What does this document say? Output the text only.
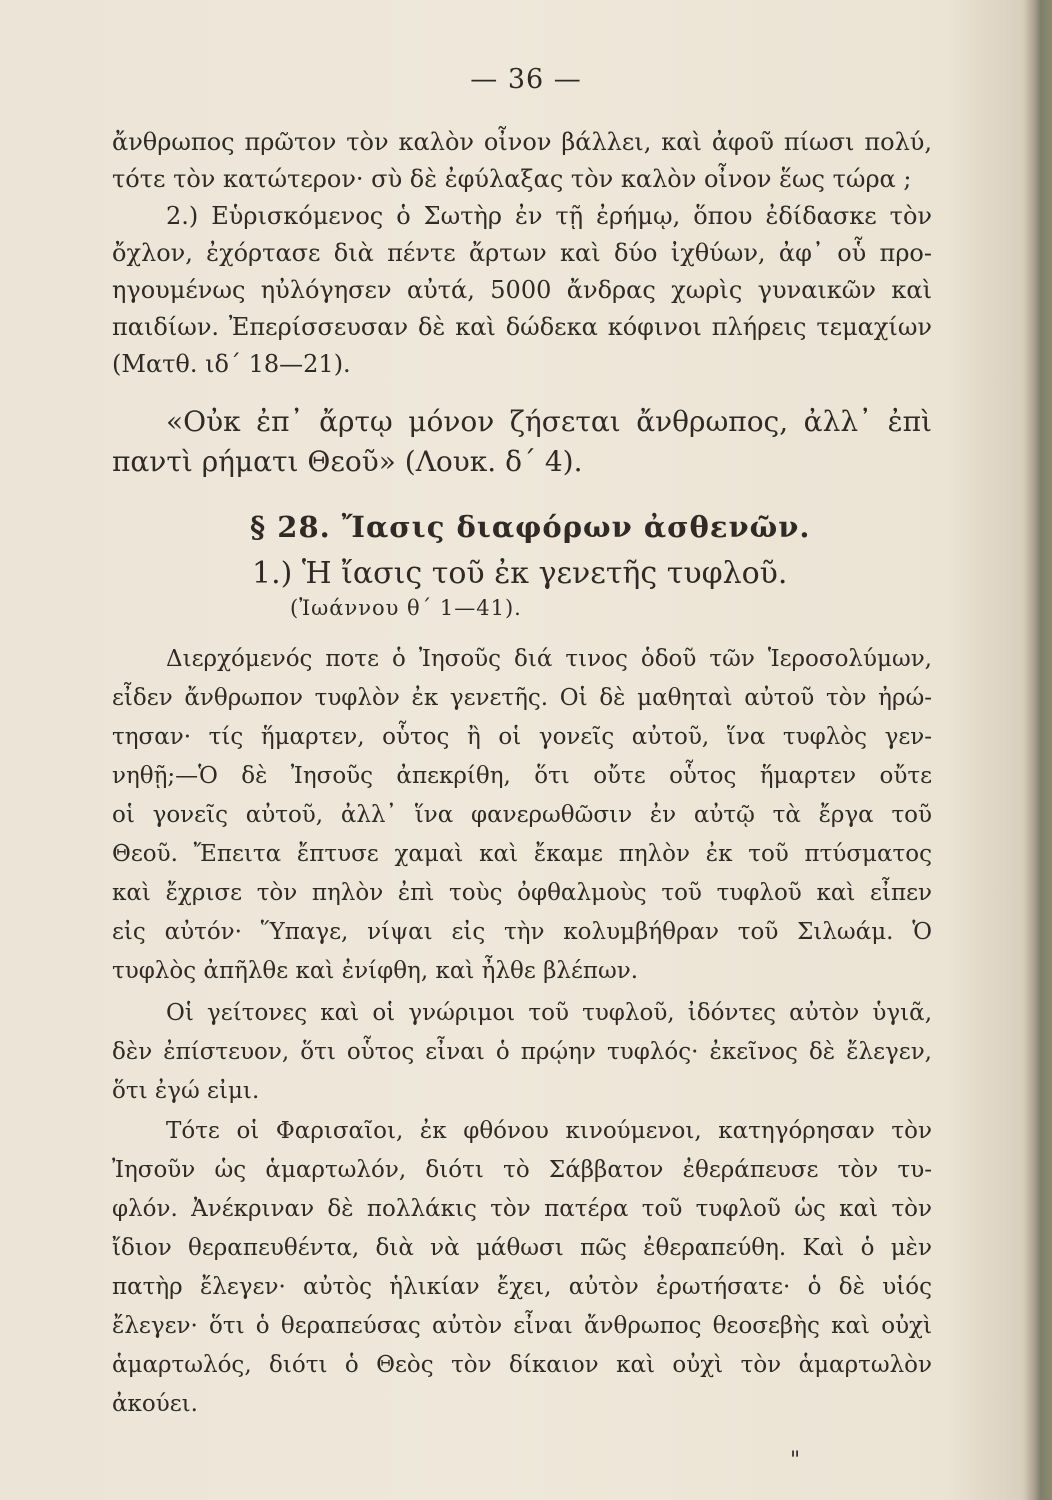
— 36 —
ἄνθρωπος πρῶτον τὸν καλὸν οἶνον βάλλει, καὶ ἀφοῦ πίωσι πολύ,
τότε τὸν κατώτερον· σὺ δὲ ἐφύλαξας τὸν καλὸν οἶνον ἕως τώρα ;
2.) Εὑρισκόμενος ὁ Σωτὴρ ἐν τῇ ἐρήμῳ, ὅπου ἐδίδασκε τὸν
ὄχλον, ἐχόρτασε διὰ πέντε ἄρτων καὶ δύο ἰχθύων, ἀφ᾽ οὗ προ-
ηγουμένως ηὐλόγησεν αὐτά, 5000 ἄνδρας χωρὶς γυναικῶν καὶ
παιδίων. Ἐπερίσσευσαν δὲ καὶ δώδεκα κόφινοι πλήρεις τεμαχίων
(Ματθ. ιδ΄ 18—21).
«Οὐκ ἐπ᾽ ἄρτῳ μόνον ζήσεται ἄνθρωπος, ἀλλ᾽ ἐπὶ
παντὶ ρήματι Θεοῦ» (Λουκ. δ΄ 4).
§ 28. Ἴασις διαφόρων ἀσθενῶν.
1.) Ἡ ἴασις τοῦ ἐκ γενετῆς τυφλοῦ.
(Ἰωάννου θ΄ 1—41).
Διερχόμενός ποτε ὁ Ἰησοῦς διά τινος ὁδοῦ τῶν Ἱεροσολύμων,
εἶδεν ἄνθρωπον τυφλὸν ἐκ γενετῆς. Οἱ δὲ μαθηταὶ αὐτοῦ τὸν ἠρώ-
τησαν· τίς ἥμαρτεν, οὗτος ἢ οἱ γονεῖς αὐτοῦ, ἵνα τυφλὸς γεν-
νηθῇ;—Ὁ δὲ Ἰησοῦς ἀπεκρίθη, ὅτι οὔτε οὗτος ἥμαρτεν οὔτε
οἱ γονεῖς αὐτοῦ, ἀλλ᾽ ἵνα φανερωθῶσιν ἐν αὐτῷ τὰ ἔργα τοῦ
Θεοῦ. Ἔπειτα ἔπτυσε χαμαὶ καὶ ἔκαμε πηλὸν ἐκ τοῦ πτύσματος
καὶ ἔχρισε τὸν πηλὸν ἐπὶ τοὺς ὀφθαλμοὺς τοῦ τυφλοῦ καὶ εἶπεν
εἰς αὐτόν· Ὕπαγε, νίψαι εἰς τὴν κολυμβήθραν τοῦ Σιλωάμ. Ὁ
τυφλὸς ἀπῆλθε καὶ ἐνίφθη, καὶ ἦλθε βλέπων.
Οἱ γείτονες καὶ οἱ γνώριμοι τοῦ τυφλοῦ, ἰδόντες αὐτὸν ὑγιᾶ,
δὲν ἐπίστευον, ὅτι οὗτος εἶναι ὁ πρῴην τυφλός· ἐκεῖνος δὲ ἔλεγεν,
ὅτι ἐγώ εἰμι.
Τότε οἱ Φαρισαῖοι, ἐκ φθόνου κινούμενοι, κατηγόρησαν τὸν
Ἰησοῦν ὡς ἁμαρτωλόν, διότι τὸ Σάββατον ἐθεράπευσε τὸν τυ-
φλόν. Ἀνέκριναν δὲ πολλάκις τὸν πατέρα τοῦ τυφλοῦ ὡς καὶ τὸν
ἴδιον θεραπευθέντα, διὰ νὰ μάθωσι πῶς ἐθεραπεύθη. Καὶ ὁ μὲν
πατὴρ ἔλεγεν· αὐτὸς ἡλικίαν ἔχει, αὐτὸν ἐρωτήσατε· ὁ δὲ υἱός
ἔλεγεν· ὅτι ὁ θεραπεύσας αὐτὸν εἶναι ἄνθρωπος θεοσεβὴς καὶ οὐχὶ
ἁμαρτωλός, διότι ὁ Θεὸς τὸν δίκαιον καὶ οὐχὶ τὸν ἁμαρτωλὸν
ἀκούει.
"
